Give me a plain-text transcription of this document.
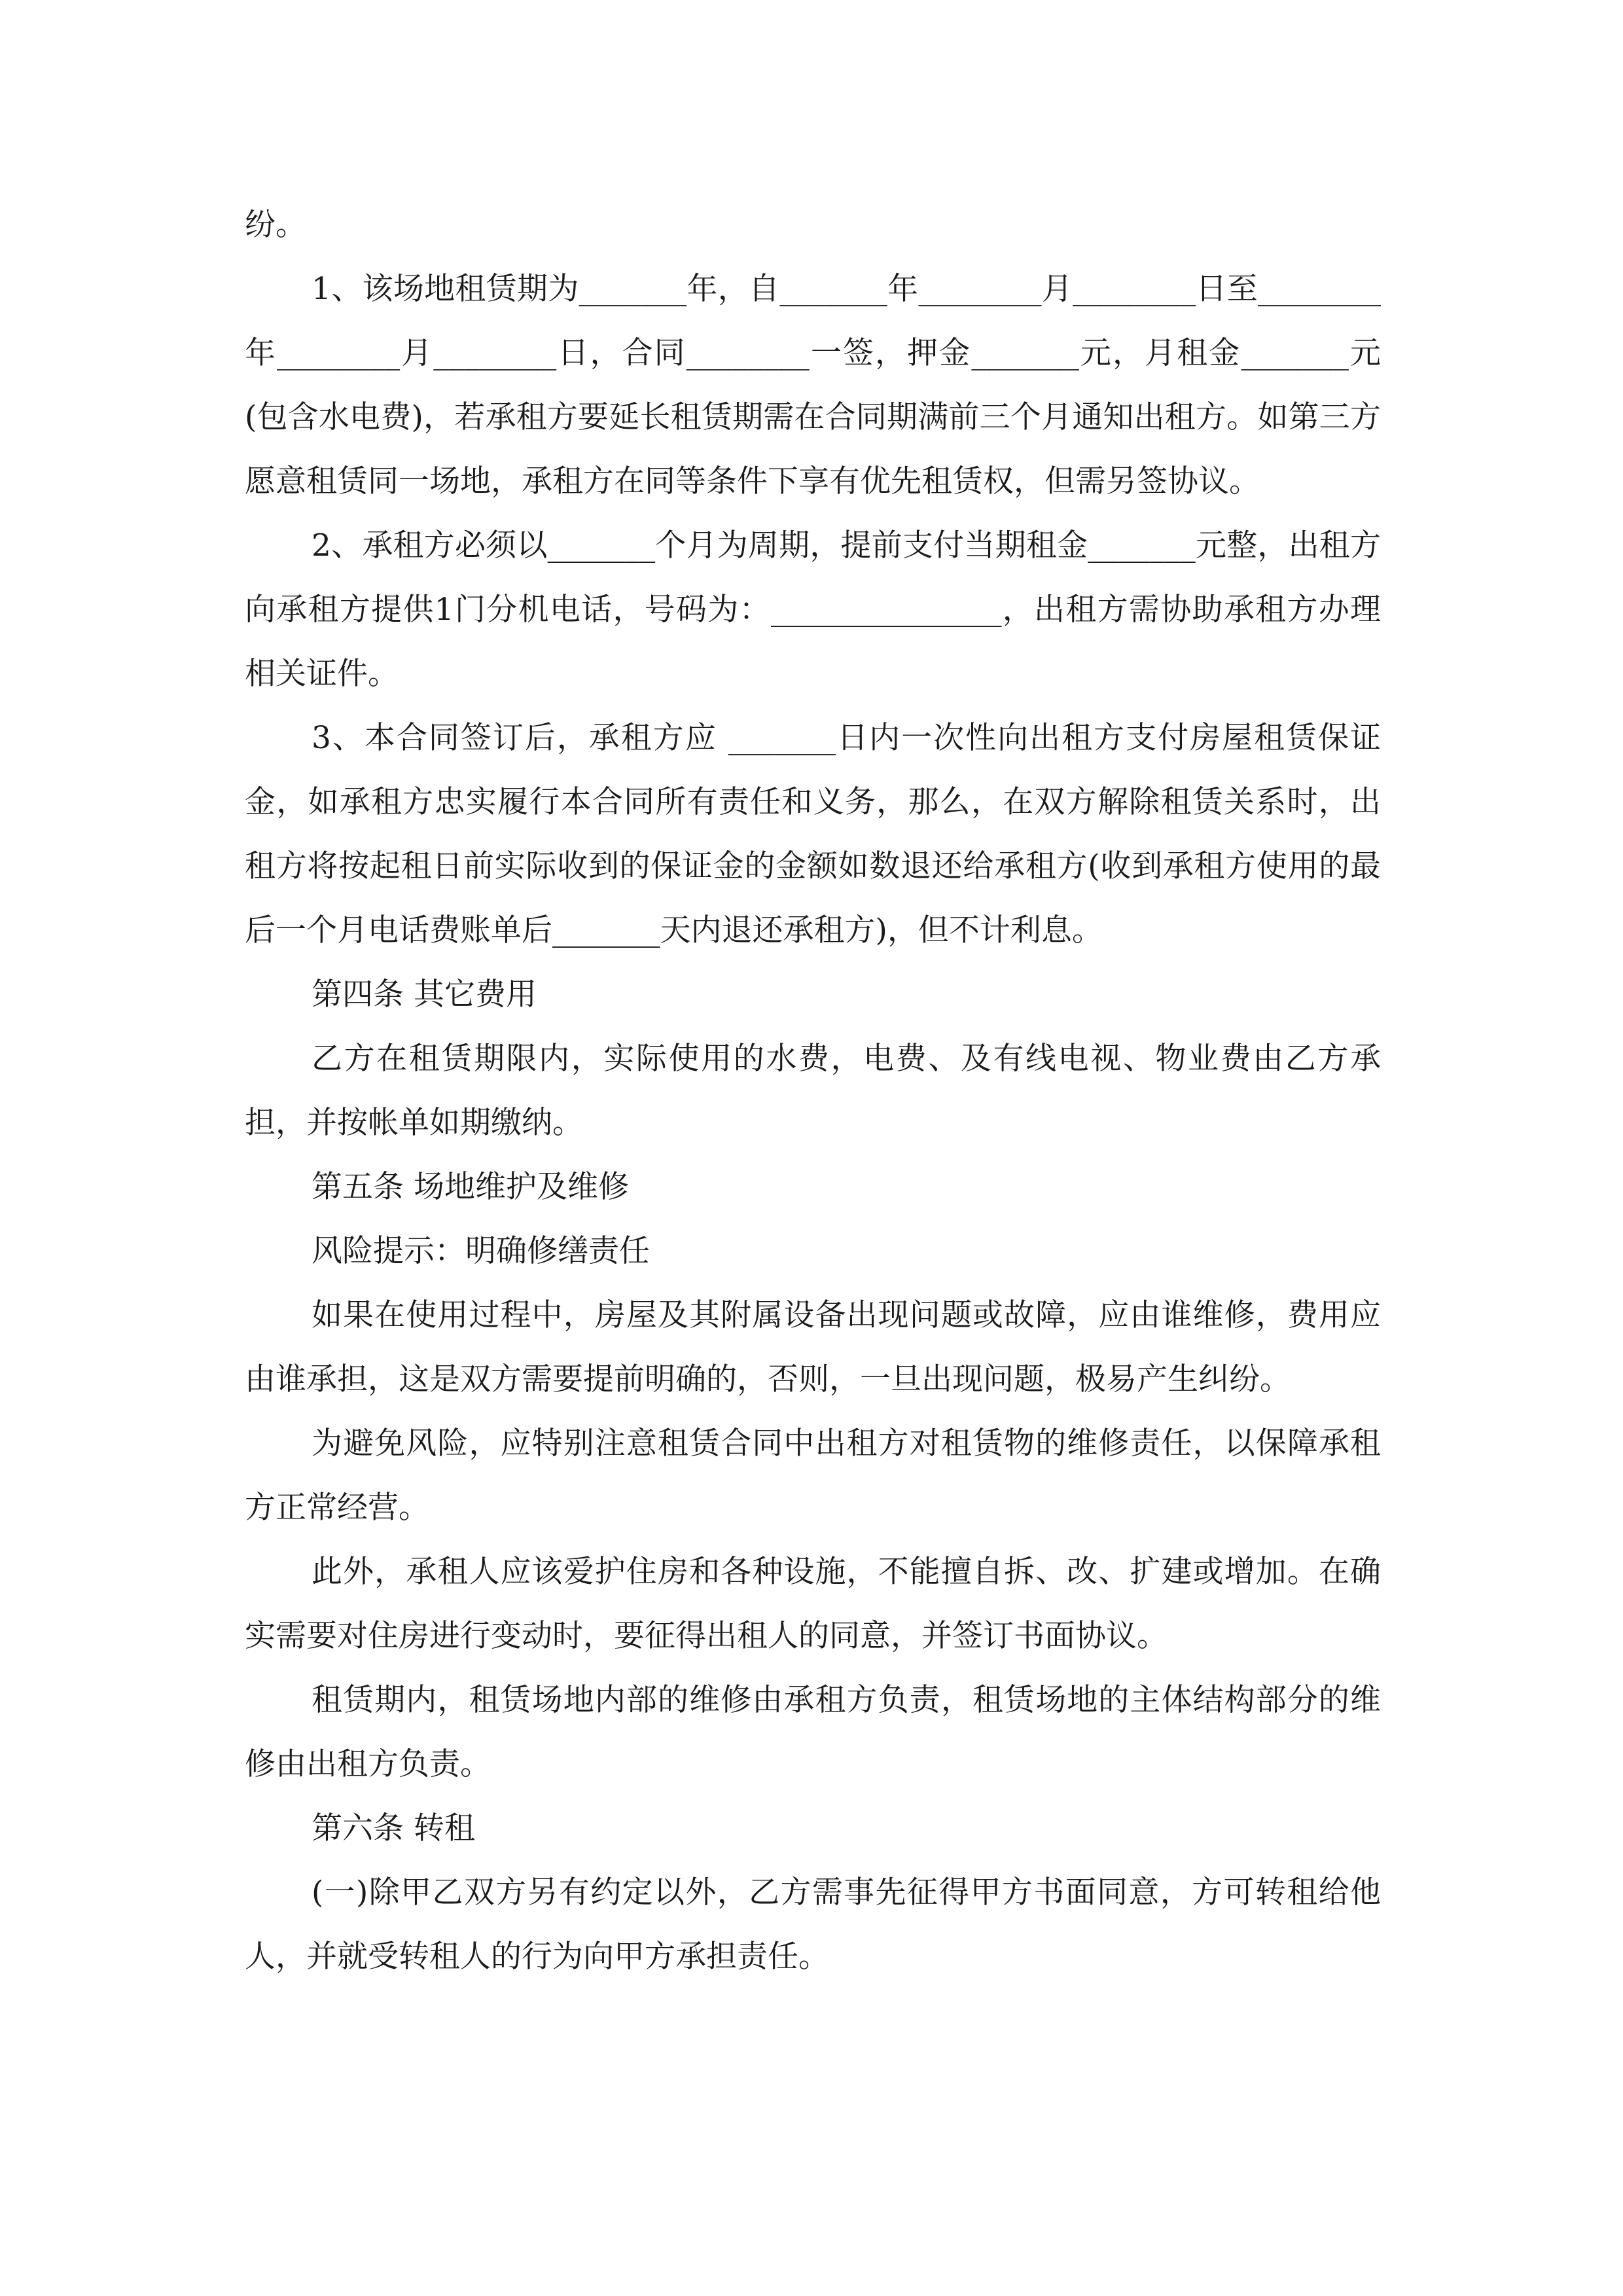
纷。

1、该场地租赁期为_______年，自_______年________月________日至________年________月________日，合同________一签，押金_______元，月租金_______元(包含水电费)，若承租方要延长租赁期需在合同期满前三个月通知出租方。如第三方愿意租赁同一场地，承租方在同等条件下享有优先租赁权，但需另签协议。

2、承租方必须以_______个月为周期，提前支付当期租金_______元整，出租方向承租方提供1门分机电话，号码为：_______________，出租方需协助承租方办理相关证件。

3、本合同签订后，承租方应 _______日内一次性向出租方支付房屋租赁保证金，如承租方忠实履行本合同所有责任和义务，那么，在双方解除租赁关系时，出租方将按起租日前实际收到的保证金的金额如数退还给承租方(收到承租方使用的最后一个月电话费账单后_______天内退还承租方)，但不计利息。

第四条 其它费用

乙方在租赁期限内，实际使用的水费，电费、及有线电视、物业费由乙方承担，并按帐单如期缴纳。

第五条 场地维护及维修

风险提示：明确修缮责任

如果在使用过程中，房屋及其附属设备出现问题或故障，应由谁维修，费用应由谁承担，这是双方需要提前明确的，否则，一旦出现问题，极易产生纠纷。

为避免风险，应特别注意租赁合同中出租方对租赁物的维修责任，以保障承租方正常经营。

此外，承租人应该爱护住房和各种设施，不能擅自拆、改、扩建或增加。在确实需要对住房进行变动时，要征得出租人的同意，并签订书面协议。

租赁期内，租赁场地内部的维修由承租方负责，租赁场地的主体结构部分的维修由出租方负责。

第六条 转租

(一)除甲乙双方另有约定以外，乙方需事先征得甲方书面同意，方可转租给他人，并就受转租人的行为向甲方承担责任。
